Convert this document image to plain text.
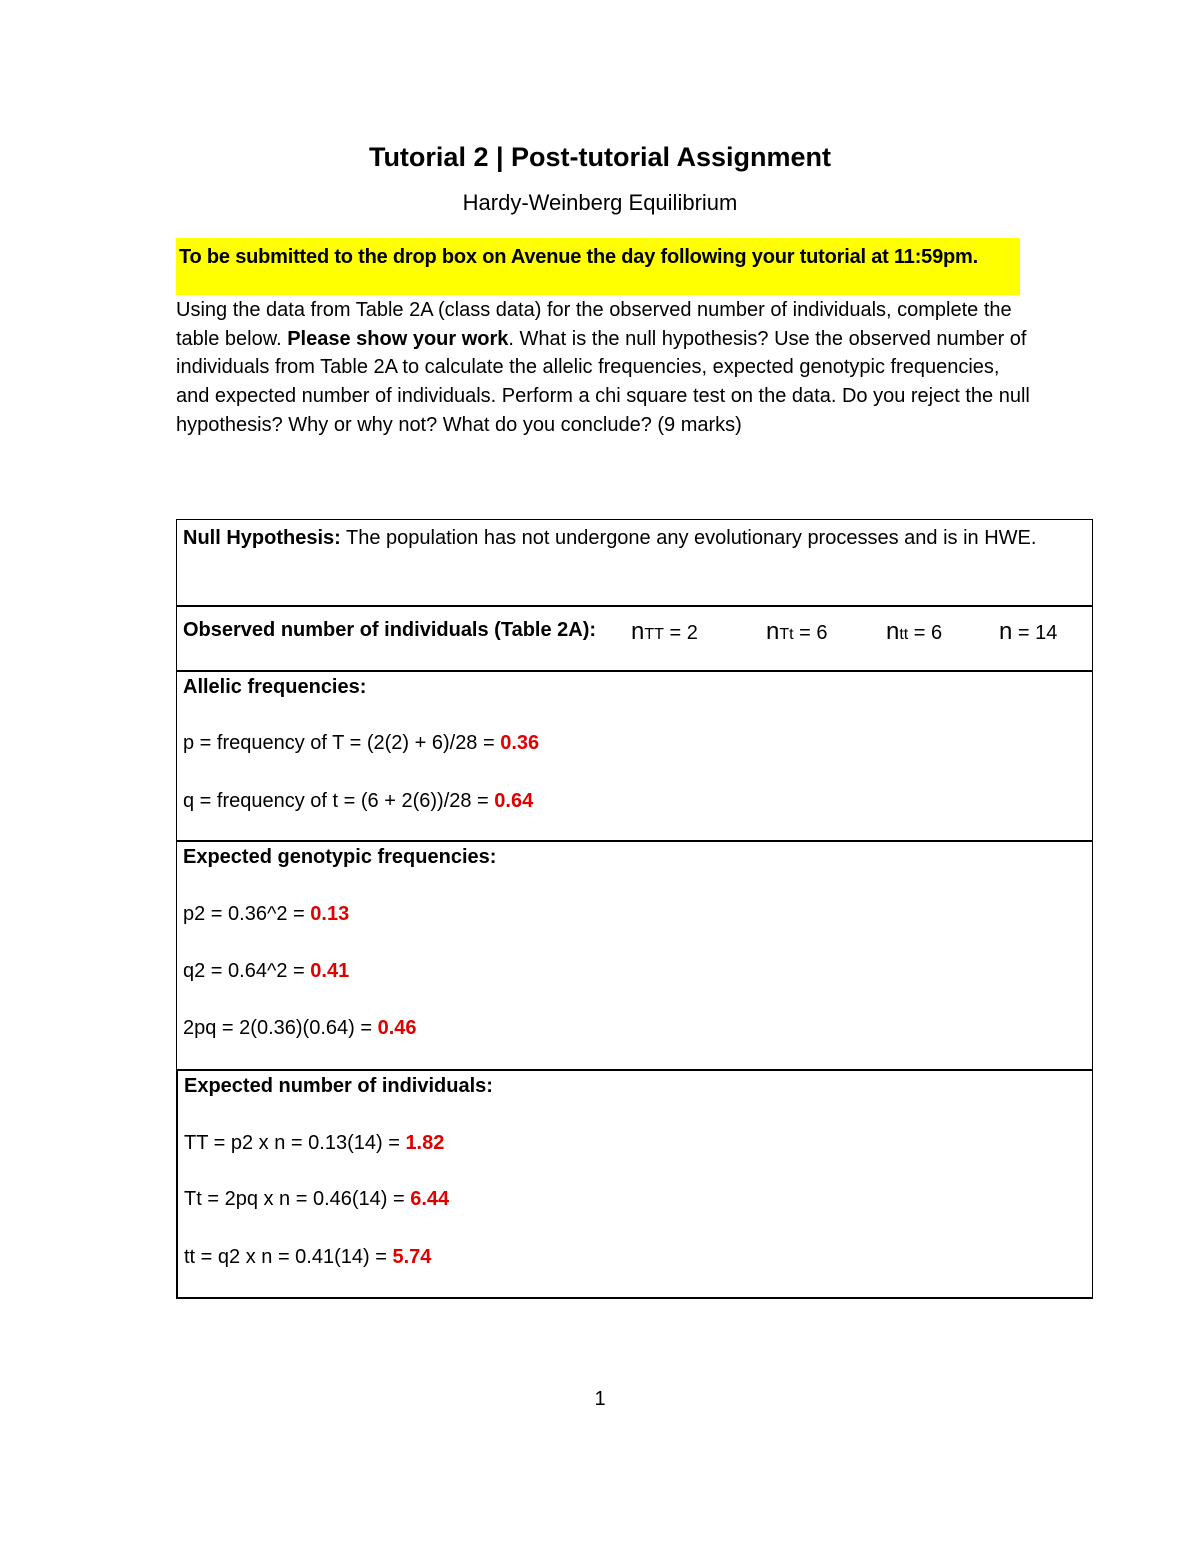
Tutorial 2 | Post-tutorial Assignment
Hardy-Weinberg Equilibrium
To be submitted to the drop box on Avenue the day following your tutorial at 11:59pm.
Using the data from Table 2A (class data) for the observed number of individuals, complete the table below. Please show your work. What is the null hypothesis? Use the observed number of individuals from Table 2A to calculate the allelic frequencies, expected genotypic frequencies, and expected number of individuals. Perform a chi square test on the data. Do you reject the null hypothesis? Why or why not? What do you conclude? (9 marks)
Null Hypothesis: The population has not undergone any evolutionary processes and is in HWE.
Observed number of individuals (Table 2A): nTT = 2	nTt = 6 ntt = 6 n = 14
Allelic frequencies:
p = frequency of T = (2(2) + 6)/28 = 0.36
q = frequency of t = (6 + 2(6))/28 = 0.64
Expected genotypic frequencies:
p2 = 0.36^2 = 0.13
q2 = 0.64^2 = 0.41
2pq = 2(0.36)(0.64) = 0.46
Expected number of individuals:
TT = p2 x n = 0.13(14) = 1.82
Tt = 2pq x n = 0.46(14) = 6.44
tt = q2 x n = 0.41(14) = 5.74
1
